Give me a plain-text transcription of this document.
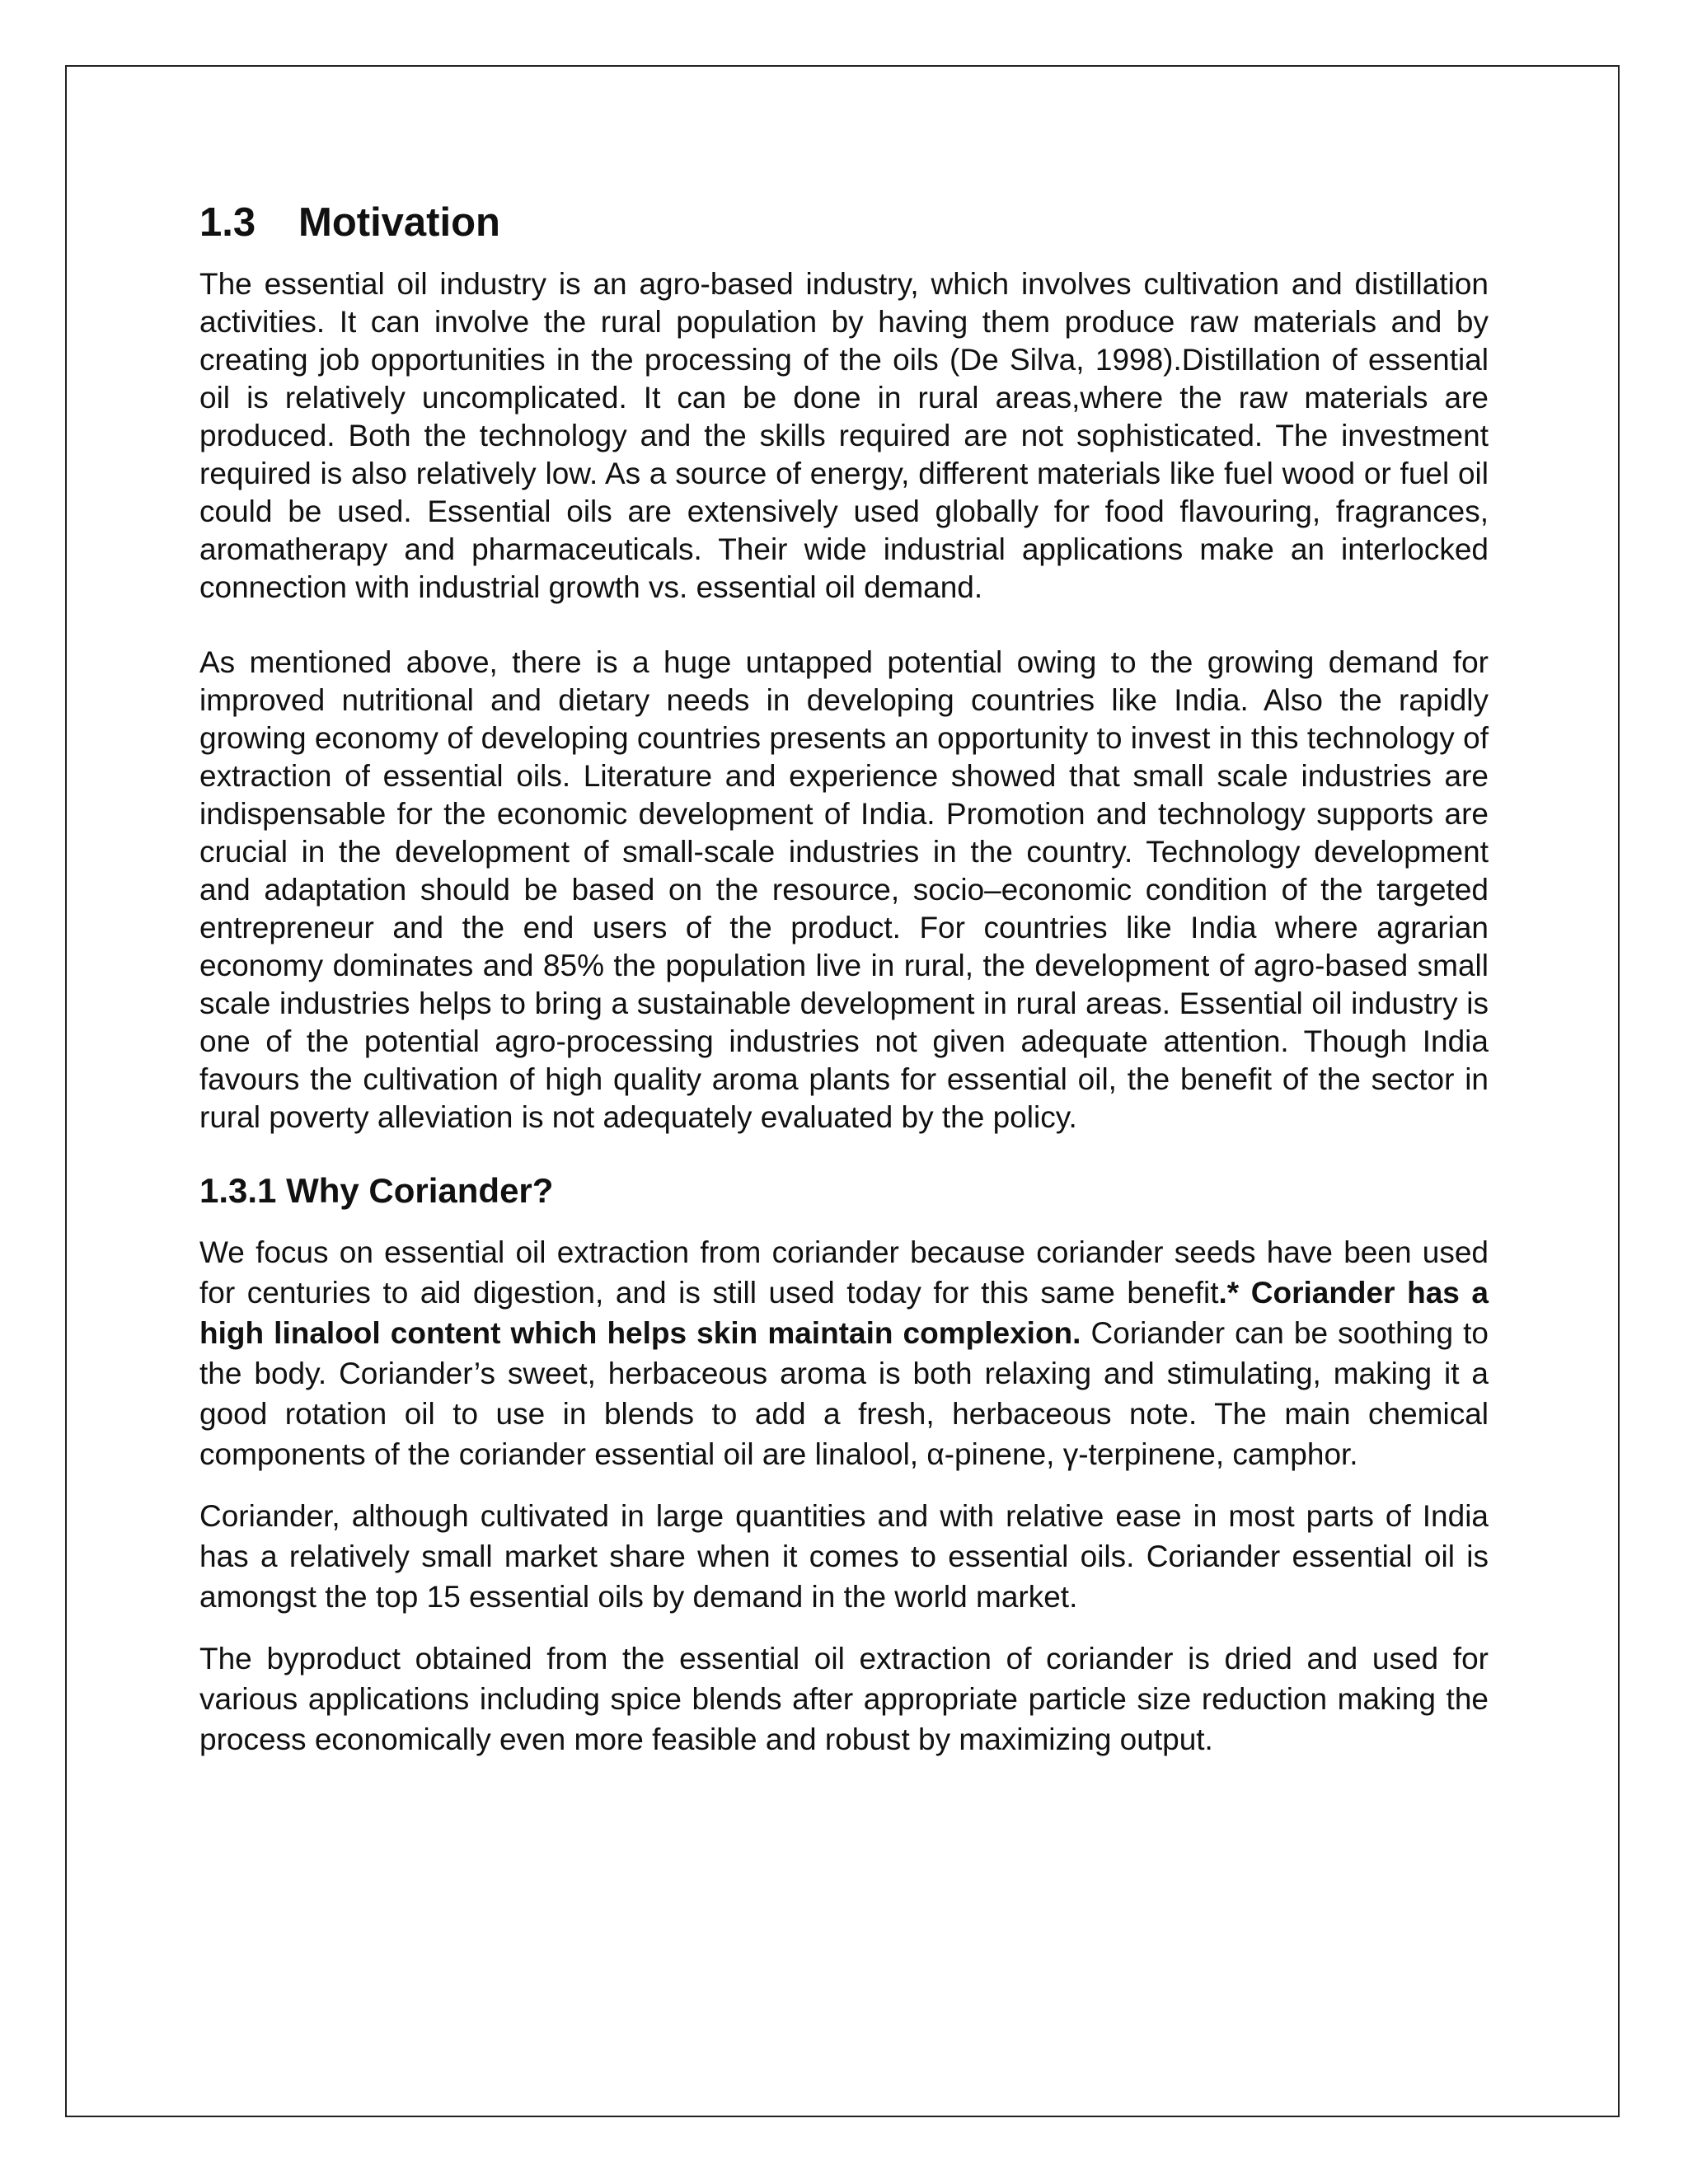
1.3 Motivation

The essential oil industry is an agro-based industry, which involves cultivation and distillation activities. It can involve the rural population by having them produce raw materials and by creating job opportunities in the processing of the oils (De Silva, 1998).Distillation of essential oil is relatively uncomplicated. It can be done in rural areas,where the raw materials are produced. Both the technology and the skills required are not sophisticated. The investment required is also relatively low. As a source of energy, different materials like fuel wood or fuel oil could be used. Essential oils are extensively used globally for food flavouring, fragrances, aromatherapy and pharmaceuticals. Their wide industrial applications make an interlocked connection with industrial growth vs. essential oil demand.

As mentioned above, there is a huge untapped potential owing to the growing demand for improved nutritional and dietary needs in developing countries like India. Also the rapidly growing economy of developing countries presents an opportunity to invest in this technology of extraction of essential oils. Literature and experience showed that small scale industries are indispensable for the economic development of India. Promotion and technology supports are crucial in the development of small-scale industries in the country. Technology development and adaptation should be based on the resource, socio–economic condition of the targeted entrepreneur and the end users of the product. For countries like India where agrarian economy dominates and 85% the population live in rural, the development of agro-based small scale industries helps to bring a sustainable development in rural areas. Essential oil industry is one of the potential agro-processing industries not given adequate attention. Though India favours the cultivation of high quality aroma plants for essential oil, the benefit of the sector in rural poverty alleviation is not adequately evaluated by the policy.

1.3.1 Why Coriander?

We focus on essential oil extraction from coriander because coriander seeds have been used for centuries to aid digestion, and is still used today for this same benefit.* Coriander has a high linalool content which helps skin maintain complexion. Coriander can be soothing to the body. Coriander’s sweet, herbaceous aroma is both relaxing and stimulating, making it a good rotation oil to use in blends to add a fresh, herbaceous note. The main chemical components of the coriander essential oil are linalool, α-pinene, γ-terpinene, camphor.

Coriander, although cultivated in large quantities and with relative ease in most parts of India has a relatively small market share when it comes to essential oils. Coriander essential oil is amongst the top 15 essential oils by demand in the world market.

The byproduct obtained from the essential oil extraction of coriander is dried and used for various applications including spice blends after appropriate particle size reduction making the process economically even more feasible and robust by maximizing output.
